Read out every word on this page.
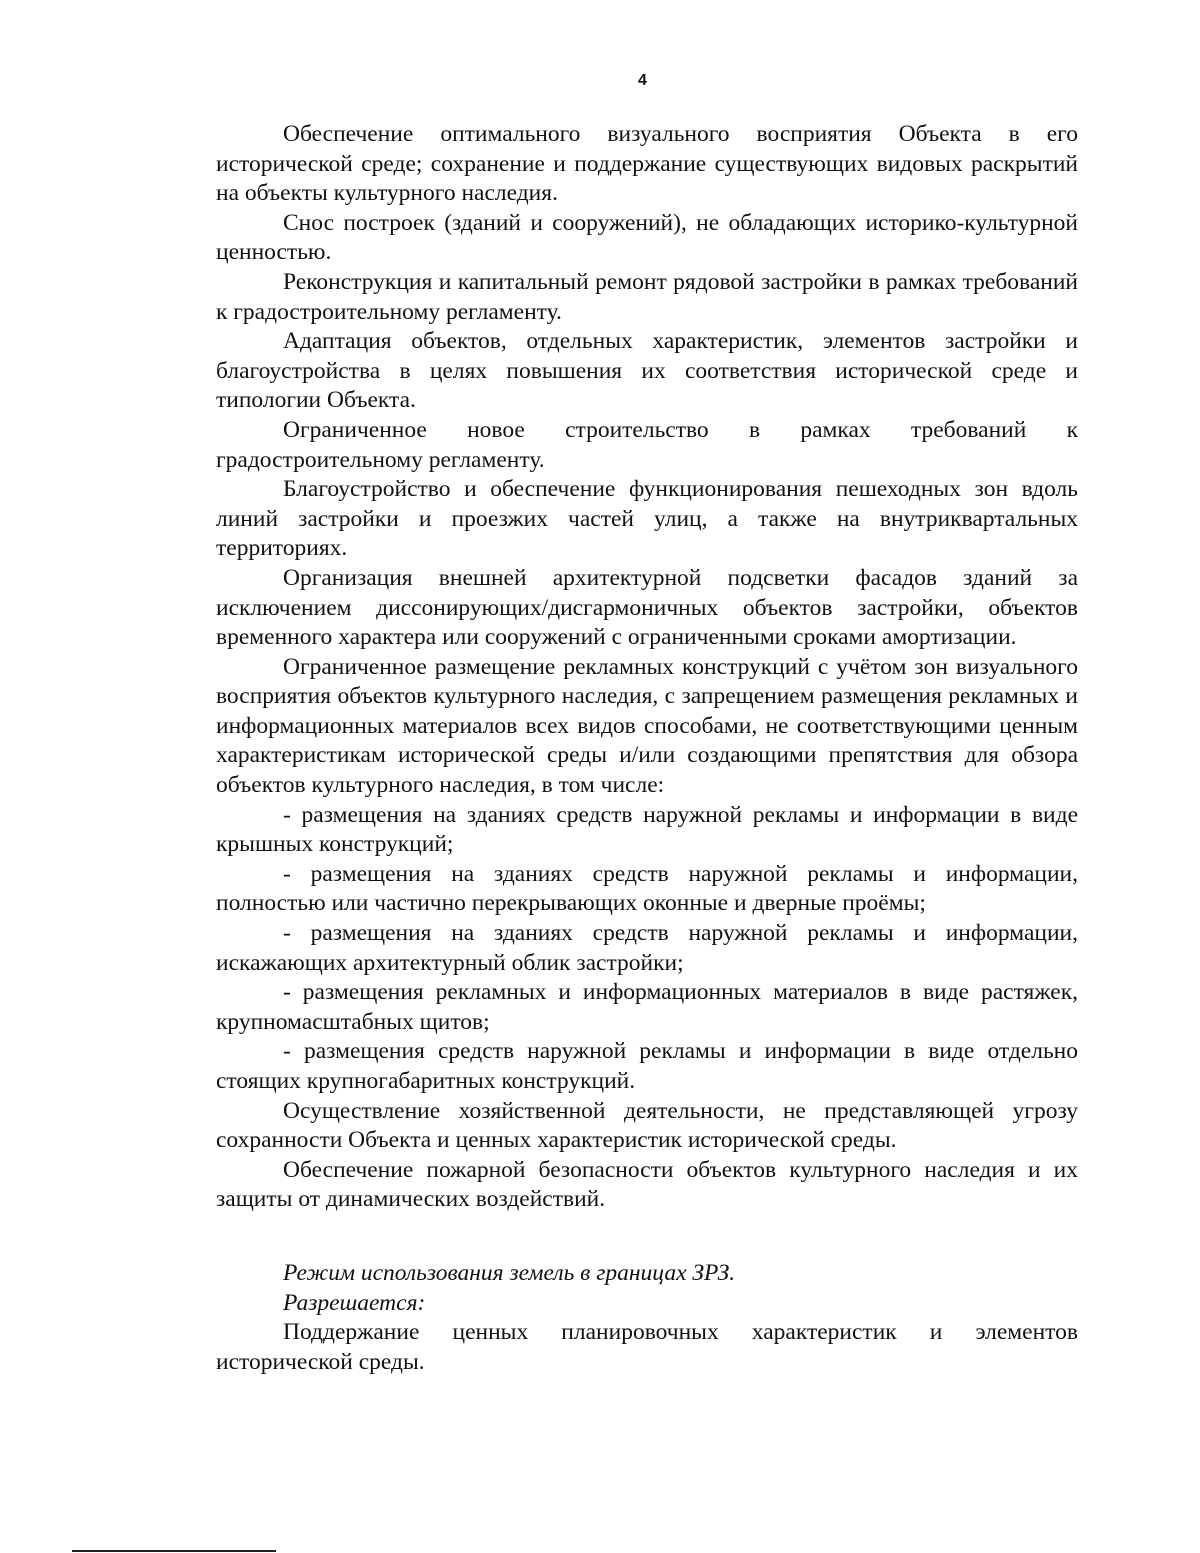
4

Обеспечение оптимального визуального восприятия Объекта в его исторической среде; сохранение и поддержание существующих видовых раскрытий на объекты культурного наследия.

Снос построек (зданий и сооружений), не обладающих историко-культурной ценностью.

Реконструкция и капитальный ремонт рядовой застройки в рамках требований к градостроительному регламенту.

Адаптация объектов, отдельных характеристик, элементов застройки и благоустройства в целях повышения их соответствия исторической среде и типологии Объекта.

Ограниченное новое строительство в рамках требований к градостроительному регламенту.

Благоустройство и обеспечение функционирования пешеходных зон вдоль линий застройки и проезжих частей улиц, а также на внутриквартальных территориях.

Организация внешней архитектурной подсветки фасадов зданий за исключением диссонирующих/дисгармоничных объектов застройки, объектов временного характера или сооружений с ограниченными сроками амортизации.

Ограниченное размещение рекламных конструкций с учётом зон визуального восприятия объектов культурного наследия, с запрещением размещения рекламных и информационных материалов всех видов способами, не соответствующими ценным характеристикам исторической среды и/или создающими препятствия для обзора объектов культурного наследия, в том числе:

- размещения на зданиях средств наружной рекламы и информации в виде крышных конструкций;

- размещения на зданиях средств наружной рекламы и информации, полностью или частично перекрывающих оконные и дверные проёмы;

- размещения на зданиях средств наружной рекламы и информации, искажающих архитектурный облик застройки;

- размещения рекламных и информационных материалов в виде растяжек, крупномасштабных щитов;

- размещения средств наружной рекламы и информации в виде отдельно стоящих крупногабаритных конструкций.

Осуществление хозяйственной деятельности, не представляющей угрозу сохранности Объекта и ценных характеристик исторической среды.

Обеспечение пожарной безопасности объектов культурного наследия и их защиты от динамических воздействий.

Режим использования земель в границах ЗРЗ.

Разрешается:

Поддержание ценных планировочных характеристик и элементов исторической среды.
